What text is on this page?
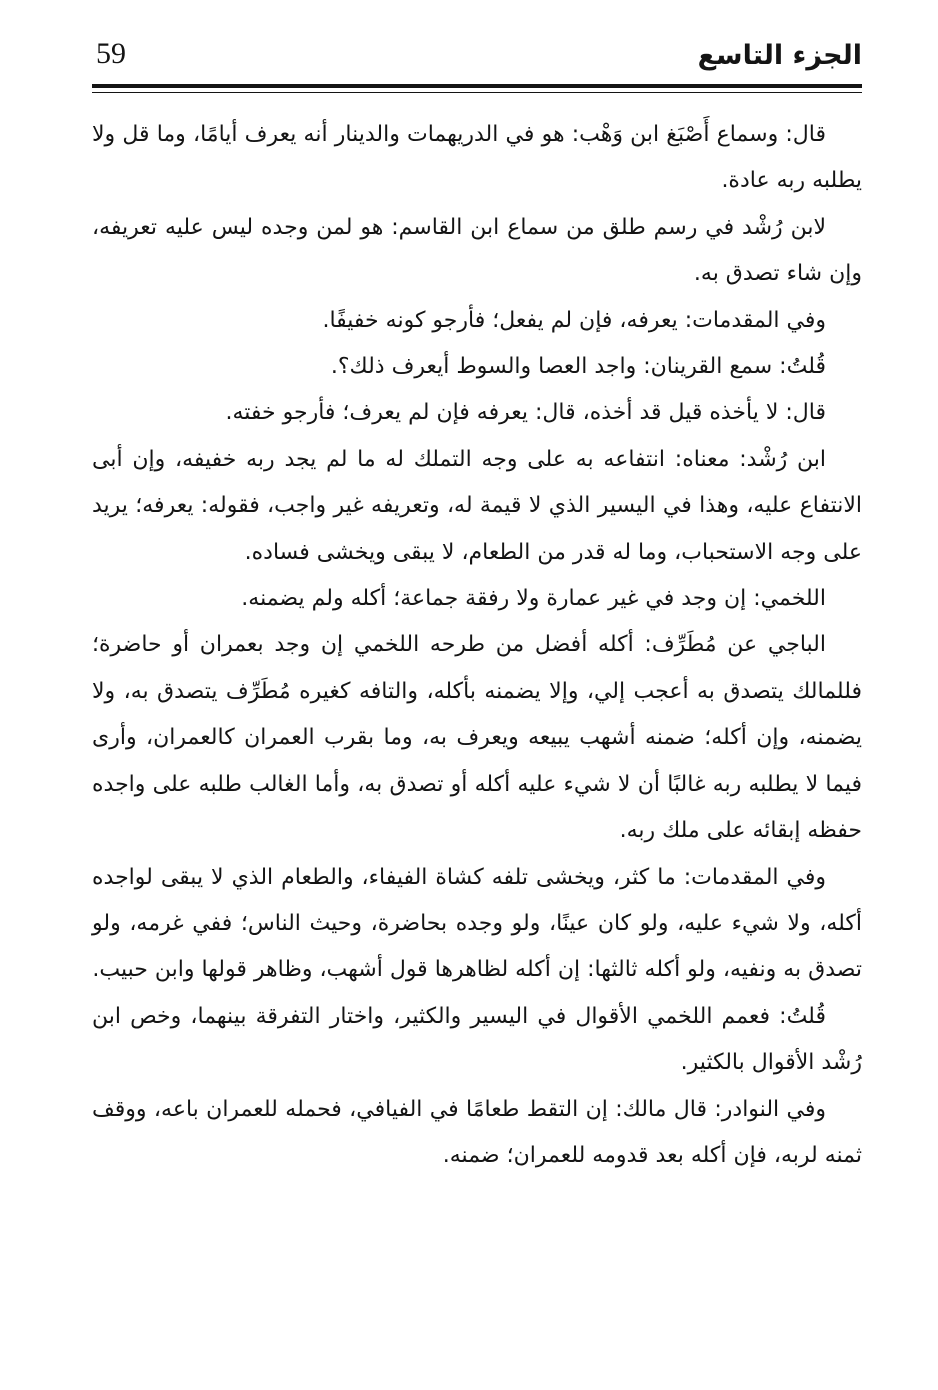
59	الجزء التاسع

قال: وسماع أَصْبَغ ابن وَهْب: هو في الدريهمات والدينار أنه يعرف أيامًا، وما قل ولا يطلبه ربه عادة.

لابن رُشْد في رسم طلق من سماع ابن القاسم: هو لمن وجده ليس عليه تعريفه، وإن شاء تصدق به.

وفي المقدمات: يعرفه، فإن لم يفعل؛ فأرجو كونه خفيفًا.

قُلتُ: سمع القرينان: واجد العصا والسوط أيعرف ذلك؟.

قال: لا يأخذه قيل قد أخذه، قال: يعرفه فإن لم يعرف؛ فأرجو خفته.

ابن رُشْد: معناه: انتفاعه به على وجه التملك له ما لم يجد ربه خفيفه، وإن أبى الانتفاع عليه، وهذا في اليسير الذي لا قيمة له، وتعريفه غير واجب، فقوله: يعرفه؛ يريد على وجه الاستحباب، وما له قدر من الطعام، لا يبقى ويخشى فساده.

اللخمي: إن وجد في غير عمارة ولا رفقة جماعة؛ أكله ولم يضمنه.

الباجي عن مُطَرِّف: أكله أفضل من طرحه اللخمي إن وجد بعمران أو حاضرة؛ فللمالك يتصدق به أعجب إلي، وإلا يضمنه بأكله، والتافه كغيره مُطَرِّف يتصدق به، ولا يضمنه، وإن أكله؛ ضمنه أشهب يبيعه ويعرف به، وما بقرب العمران كالعمران، وأرى فيما لا يطلبه ربه غالبًا أن لا شيء عليه أكله أو تصدق به، وأما الغالب طلبه على واجده حفظه إبقائه على ملك ربه.

وفي المقدمات: ما كثر، ويخشى تلفه كشاة الفيفاء، والطعام الذي لا يبقى لواجده أكله، ولا شيء عليه، ولو كان عينًا، ولو وجده بحاضرة، وحيث الناس؛ ففي غرمه، ولو تصدق به ونفيه، ولو أكله ثالثها: إن أكله لظاهرها قول أشهب، وظاهر قولها وابن حبيب.

قُلتُ: فعمم اللخمي الأقوال في اليسير والكثير، واختار التفرقة بينهما، وخص ابن رُشْد الأقوال بالكثير.

وفي النوادر: قال مالك: إن التقط طعامًا في الفيافي، فحمله للعمران باعه، ووقف ثمنه لربه، فإن أكله بعد قدومه للعمران؛ ضمنه.
